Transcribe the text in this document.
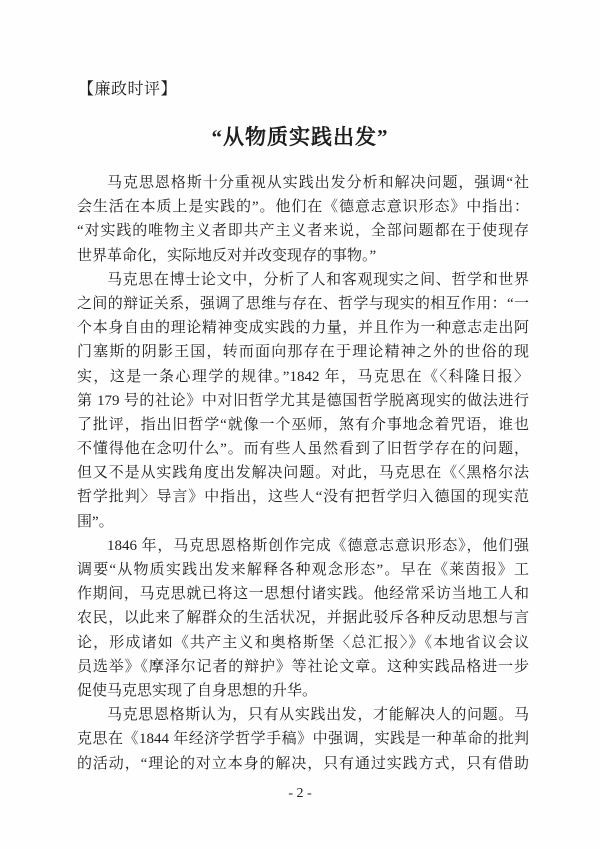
【廉政时评】
“从物质实践出发”
马克思恩格斯十分重视从实践出发分析和解决问题，强调“社
会生活在本质上是实践的”。他们在《德意志意识形态》中指出：
“对实践的唯物主义者即共产主义者来说，全部问题都在于使现存
世界革命化，实际地反对并改变现存的事物。”
马克思在博士论文中，分析了人和客观现实之间、哲学和世界
之间的辩证关系，强调了思维与存在、哲学与现实的相互作用：“一
个本身自由的理论精神变成实践的力量，并且作为一种意志走出阿
门塞斯的阴影王国，转而面向那存在于理论精神之外的世俗的现
实，这是一条心理学的规律。”1842 年，马克思在《〈科隆日报〉
第 179 号的社论》中对旧哲学尤其是德国哲学脱离现实的做法进行
了批评，指出旧哲学“就像一个巫师，煞有介事地念着咒语，谁也
不懂得他在念叨什么”。而有些人虽然看到了旧哲学存在的问题，
但又不是从实践角度出发解决问题。对此，马克思在《〈黑格尔法
哲学批判〉导言》中指出，这些人“没有把哲学归入德国的现实范
围”。
1846 年，马克思恩格斯创作完成《德意志意识形态》，他们强
调要“从物质实践出发来解释各种观念形态”。早在《莱茵报》工
作期间，马克思就已将这一思想付诸实践。他经常采访当地工人和
农民，以此来了解群众的生活状况，并据此驳斥各种反动思想与言
论，形成诸如《共产主义和奥格斯堡〈总汇报〉》《本地省议会议
员选举》《摩泽尔记者的辩护》等社论文章。这种实践品格进一步
促使马克思实现了自身思想的升华。
马克思恩格斯认为，只有从实践出发，才能解决人的问题。马
克思在《1844 年经济学哲学手稿》中强调，实践是一种革命的批判
的活动，“理论的对立本身的解决，只有通过实践方式，只有借助
- 2 -
